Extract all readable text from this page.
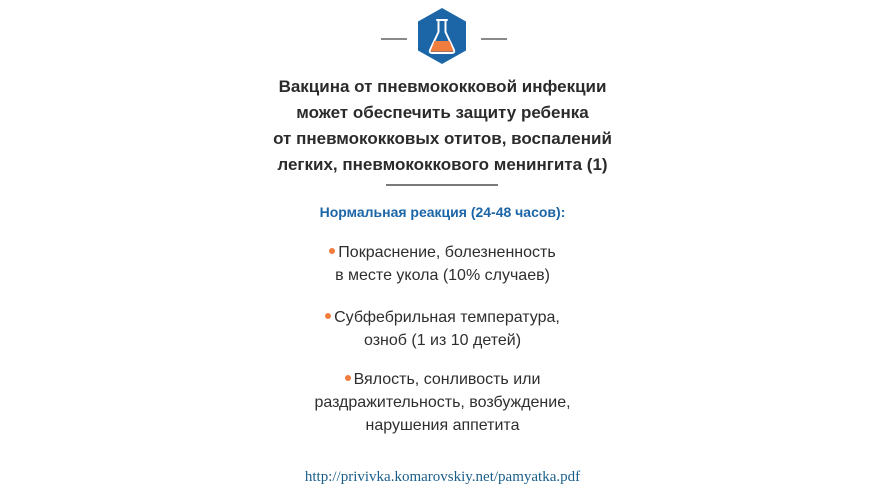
Вакцина от пневмококковой инфекции
может обеспечить защиту ребенка
от пневмококковых отитов, воспалений
легких, пневмококкового менингита (1)
Нормальная реакция (24-48 часов):
Покраснение, болезненность
в месте укола (10% случаев)
Субфебрильная температура,
озноб (1 из 10 детей)
Вялость, сонливость или
раздражительность, возбуждение,
нарушения аппетита
http://privivka.komarovskiy.net/pamyatka.pdf
